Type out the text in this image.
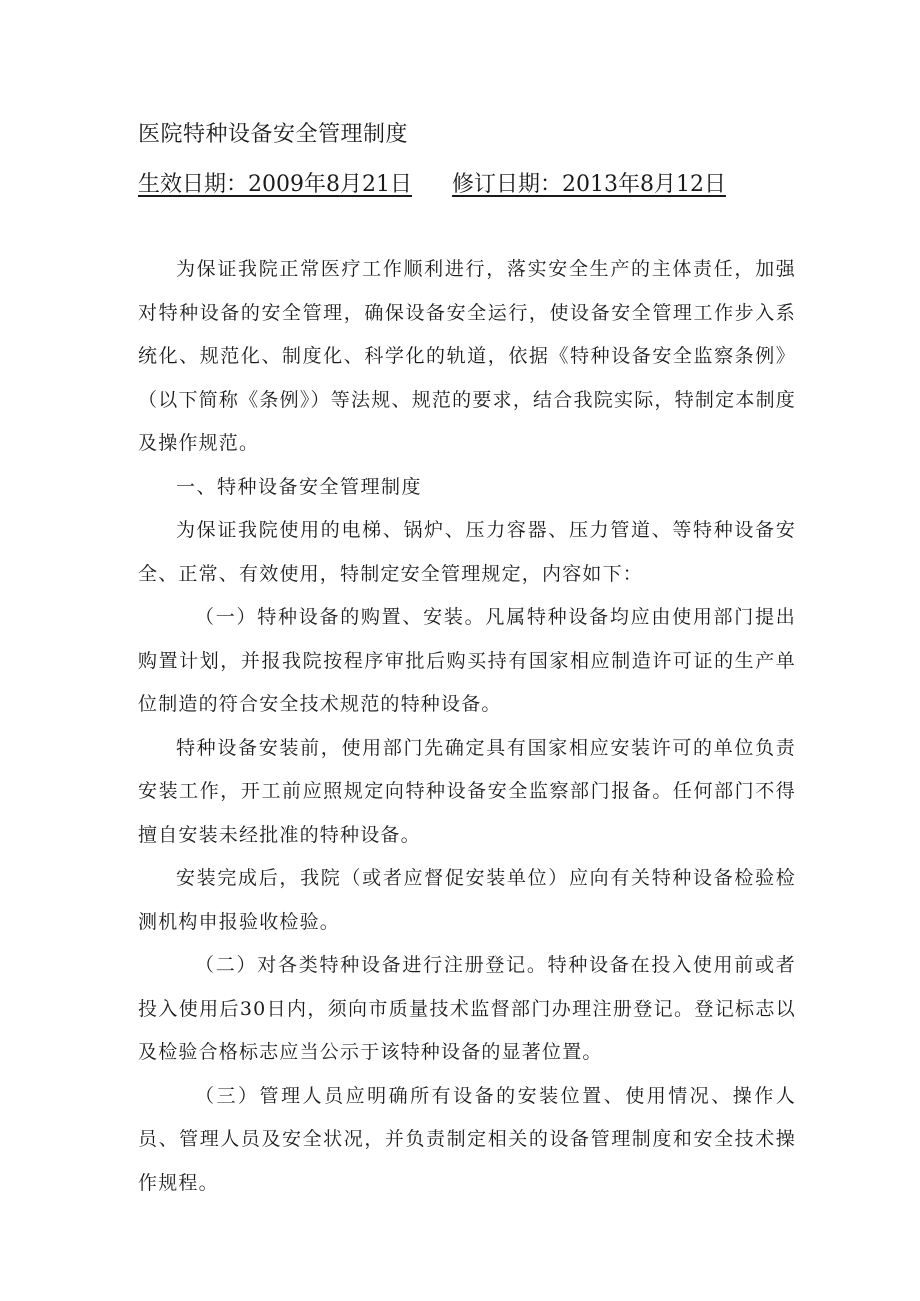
医院特种设备安全管理制度
生效日期：2009年8月21日 修订日期：2013年8月12日

为保证我院正常医疗工作顺利进行，落实安全生产的主体责任，加强对特种设备的安全管理，确保设备安全运行，使设备安全管理工作步入系统化、规范化、制度化、科学化的轨道，依据《特种设备安全监察条例》（以下简称《条例》）等法规、规范的要求，结合我院实际，特制定本制度及操作规范。

一、特种设备安全管理制度

为保证我院使用的电梯、锅炉、压力容器、压力管道、等特种设备安全、正常、有效使用，特制定安全管理规定，内容如下：

（一）特种设备的购置、安装。凡属特种设备均应由使用部门提出购置计划，并报我院按程序审批后购买持有国家相应制造许可证的生产单位制造的符合安全技术规范的特种设备。

特种设备安装前，使用部门先确定具有国家相应安装许可的单位负责安装工作，开工前应照规定向特种设备安全监察部门报备。任何部门不得擅自安装未经批准的特种设备。

安装完成后，我院（或者应督促安装单位）应向有关特种设备检验检测机构申报验收检验。

（二）对各类特种设备进行注册登记。特种设备在投入使用前或者投入使用后30日内，须向市质量技术监督部门办理注册登记。登记标志以及检验合格标志应当公示于该特种设备的显著位置。

（三）管理人员应明确所有设备的安装位置、使用情况、操作人员、管理人员及安全状况，并负责制定相关的设备管理制度和安全技术操作规程。
